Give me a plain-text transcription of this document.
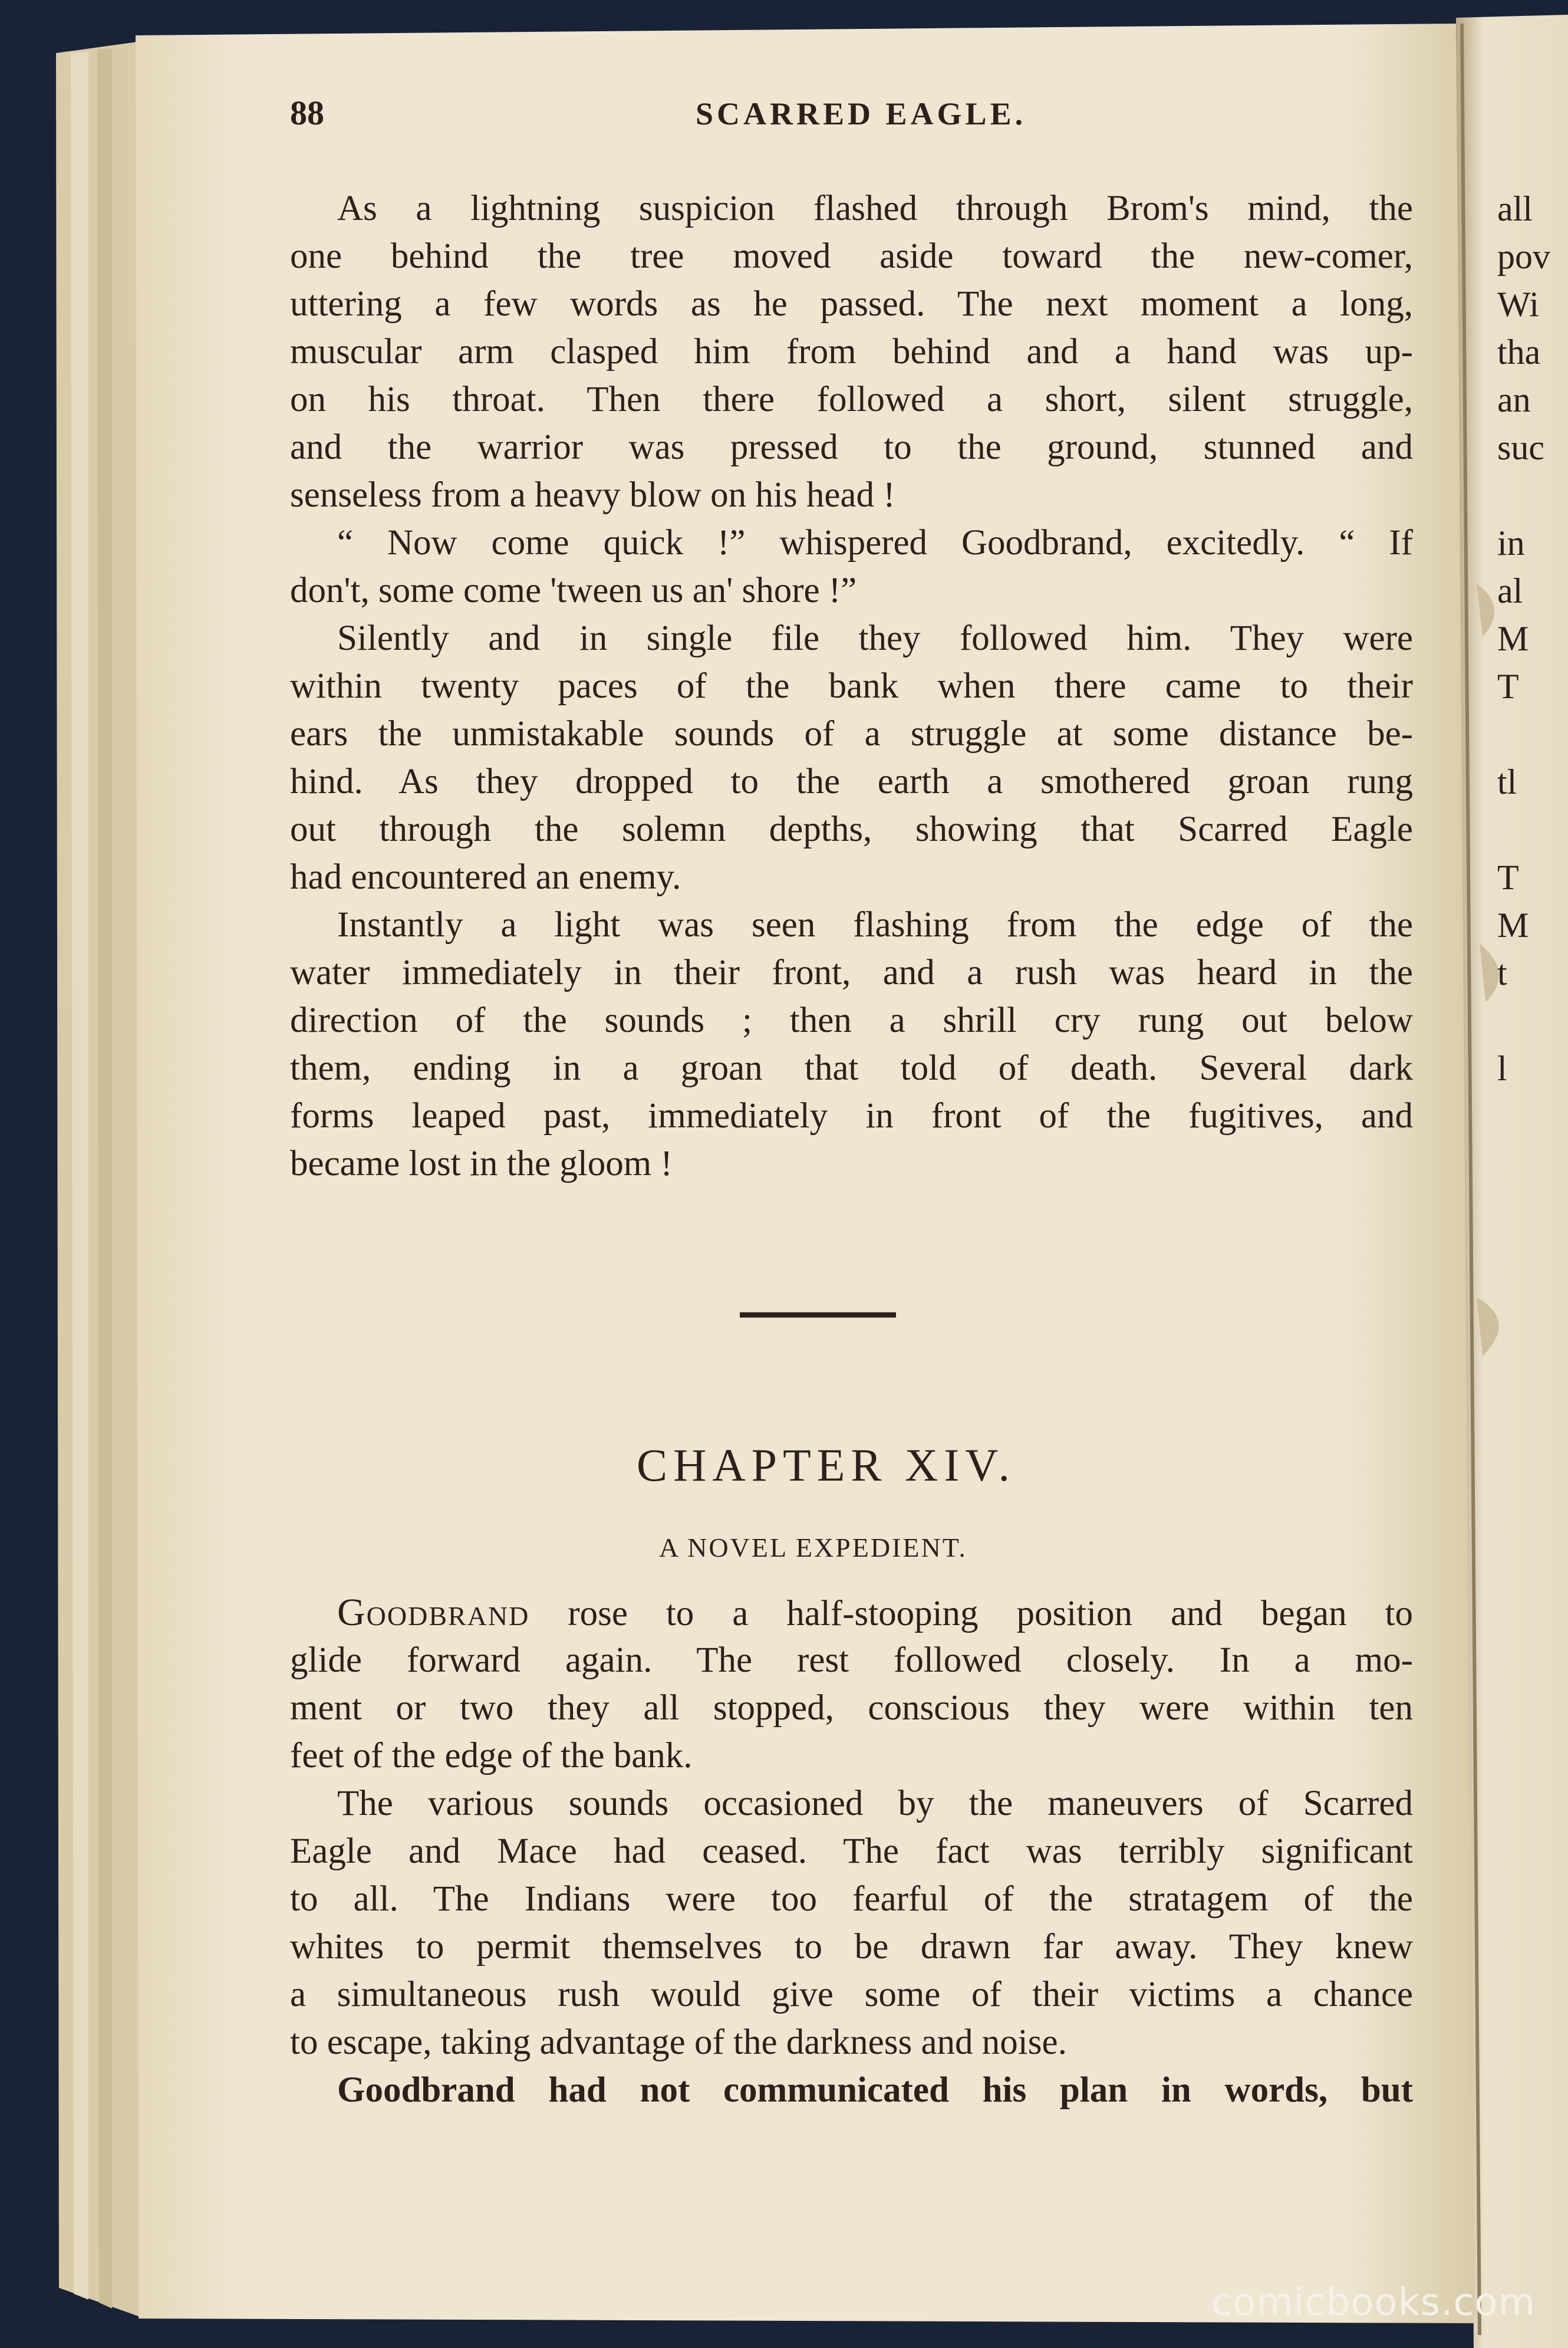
88	SCARRED EAGLE.
As a lightning suspicion flashed through Brom's mind, the
one behind the tree moved aside toward the new-comer,
uttering a few words as he passed. The next moment a long,
muscular arm clasped him from behind and a hand was up-
on his throat. Then there followed a short, silent struggle,
and the warrior was pressed to the ground, stunned and
senseless from a heavy blow on his head !
“ Now come quick !” whispered Goodbrand, excitedly. “ If
don't, some come 'tween us an' shore !”
Silently and in single file they followed him. They were
within twenty paces of the bank when there came to their
ears the unmistakable sounds of a struggle at some distance be-
hind. As they dropped to the earth a smothered groan rung
out through the solemn depths, showing that Scarred Eagle
had encountered an enemy.
Instantly a light was seen flashing from the edge of the
water immediately in their front, and a rush was heard in the
direction of the sounds ; then a shrill cry rung out below
them, ending in a groan that told of death. Several dark
forms leaped past, immediately in front of the fugitives, and
became lost in the gloom !
CHAPTER XIV.
A NOVEL EXPEDIENT.
Goodbrand rose to a half-stooping position and began to
glide forward again. The rest followed closely. In a mo-
ment or two they all stopped, conscious they were within ten
feet of the edge of the bank.
The various sounds occasioned by the maneuvers of Scarred
Eagle and Mace had ceased. The fact was terribly significant
to all. The Indians were too fearful of the stratagem of the
whites to permit themselves to be drawn far away. They knew
a simultaneous rush would give some of their victims a chance
to escape, taking advantage of the darkness and noise.
Goodbrand had not communicated his plan in words, but
all
pov
Wi
tha
an
suc
in
al
M
T
tl
T
M
t
l
comicbooks.com
